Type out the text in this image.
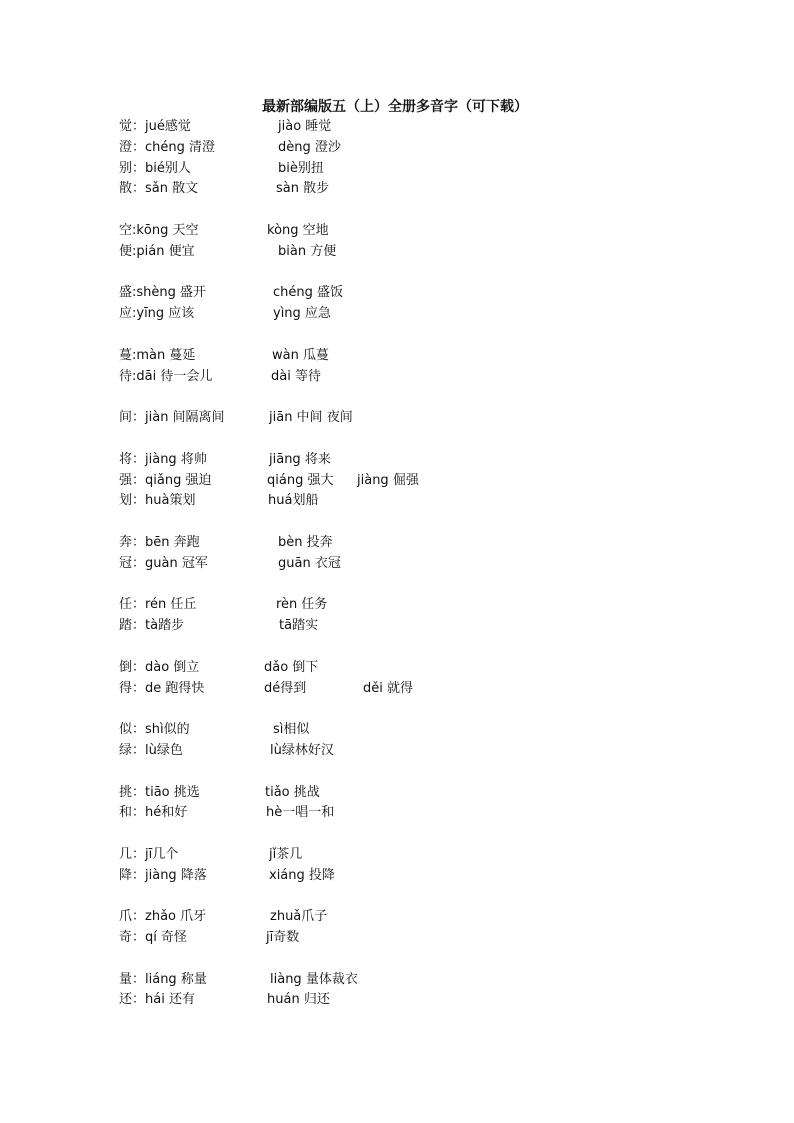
最新部编版五（上）全册多音字（可下载）
觉：jué感觉	jiào 睡觉
澄：chéng 清澄	dèng 澄沙
别：bié别人	biè别扭
散：sǎn 散文	sàn 散步
空:kōng 天空	kòng 空地
便:pián 便宜	biàn 方便
盛:shèng 盛开	chéng 盛饭
应:yīng 应该	yìng 应急
蔓:màn 蔓延	wàn 瓜蔓
待:dāi 待一会儿	dài 等待
间：jiàn 间隔离间	jiān 中间 夜间
将：jiàng 将帅	jiāng 将来
强：qiǎng 强迫	qiáng 强大 jiàng 倔强
划：huà策划	huá划船
奔：bēn 奔跑	bèn 投奔
冠：guàn 冠军	guān 衣冠
任：rén 任丘	rèn 任务
踏：tà踏步	tā踏实
倒：dào 倒立	dǎo 倒下
得：de 跑得快	dé得到	děi 就得
似：shì似的	sì相似
绿：lù绿色	lù绿林好汉
挑：tiāo 挑选	tiǎo 挑战
和：hé和好	hè一唱一和
几：jī几个	jǐ茶几
降：jiàng 降落	xiáng 投降
爪：zhǎo 爪牙	zhuǎ爪子
奇：qí 奇怪	jī奇数
量：liáng 称量	liàng 量体裁衣
还：hái 还有	huán 归还
